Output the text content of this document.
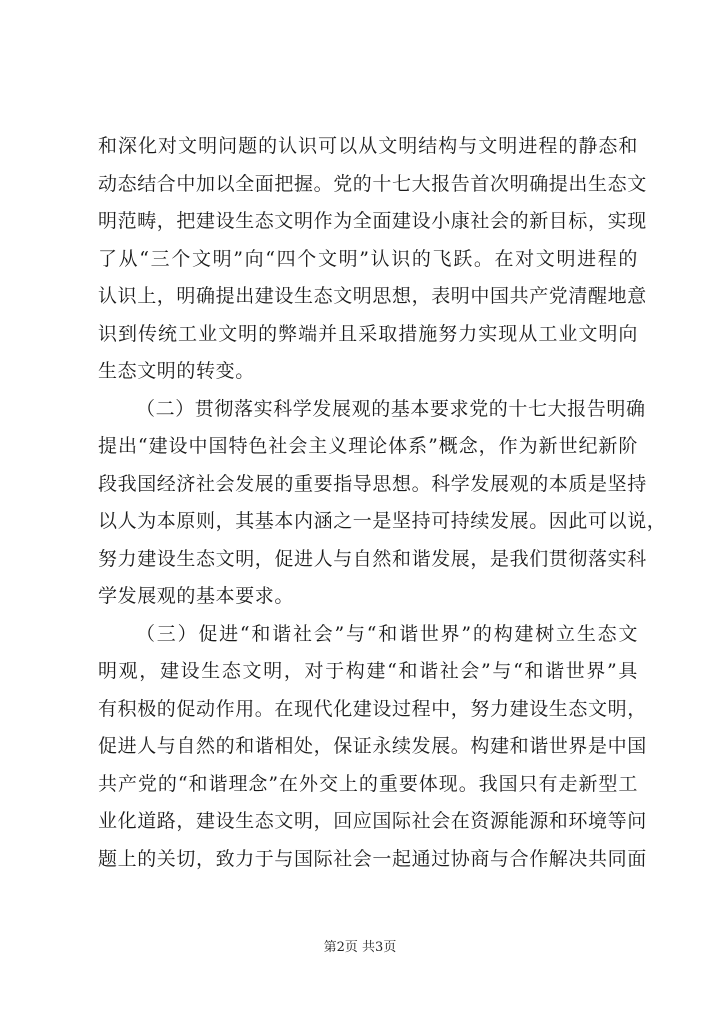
和深化对文明问题的认识可以从文明结构与文明进程的静态和
动态结合中加以全面把握。党的十七大报告首次明确提出生态文
明范畴，把建设生态文明作为全面建设小康社会的新目标，实现
了从“三个文明”向“四个文明”认识的飞跃。在对文明进程的
认识上，明确提出建设生态文明思想，表明中国共产党清醒地意
识到传统工业文明的弊端并且采取措施努力实现从工业文明向
生态文明的转变。
（二）贯彻落实科学发展观的基本要求党的十七大报告明确
提出“建设中国特色社会主义理论体系”概念，作为新世纪新阶
段我国经济社会发展的重要指导思想。科学发展观的本质是坚持
以人为本原则，其基本内涵之一是坚持可持续发展。因此可以说，
努力建设生态文明，促进人与自然和谐发展，是我们贯彻落实科
学发展观的基本要求。
（三）促进“和谐社会”与“和谐世界”的构建树立生态文
明观，建设生态文明，对于构建“和谐社会”与“和谐世界”具
有积极的促动作用。在现代化建设过程中，努力建设生态文明，
促进人与自然的和谐相处，保证永续发展。构建和谐世界是中国
共产党的“和谐理念”在外交上的重要体现。我国只有走新型工
业化道路，建设生态文明，回应国际社会在资源能源和环境等问
题上的关切，致力于与国际社会一起通过协商与合作解决共同面
第2页 共3页
